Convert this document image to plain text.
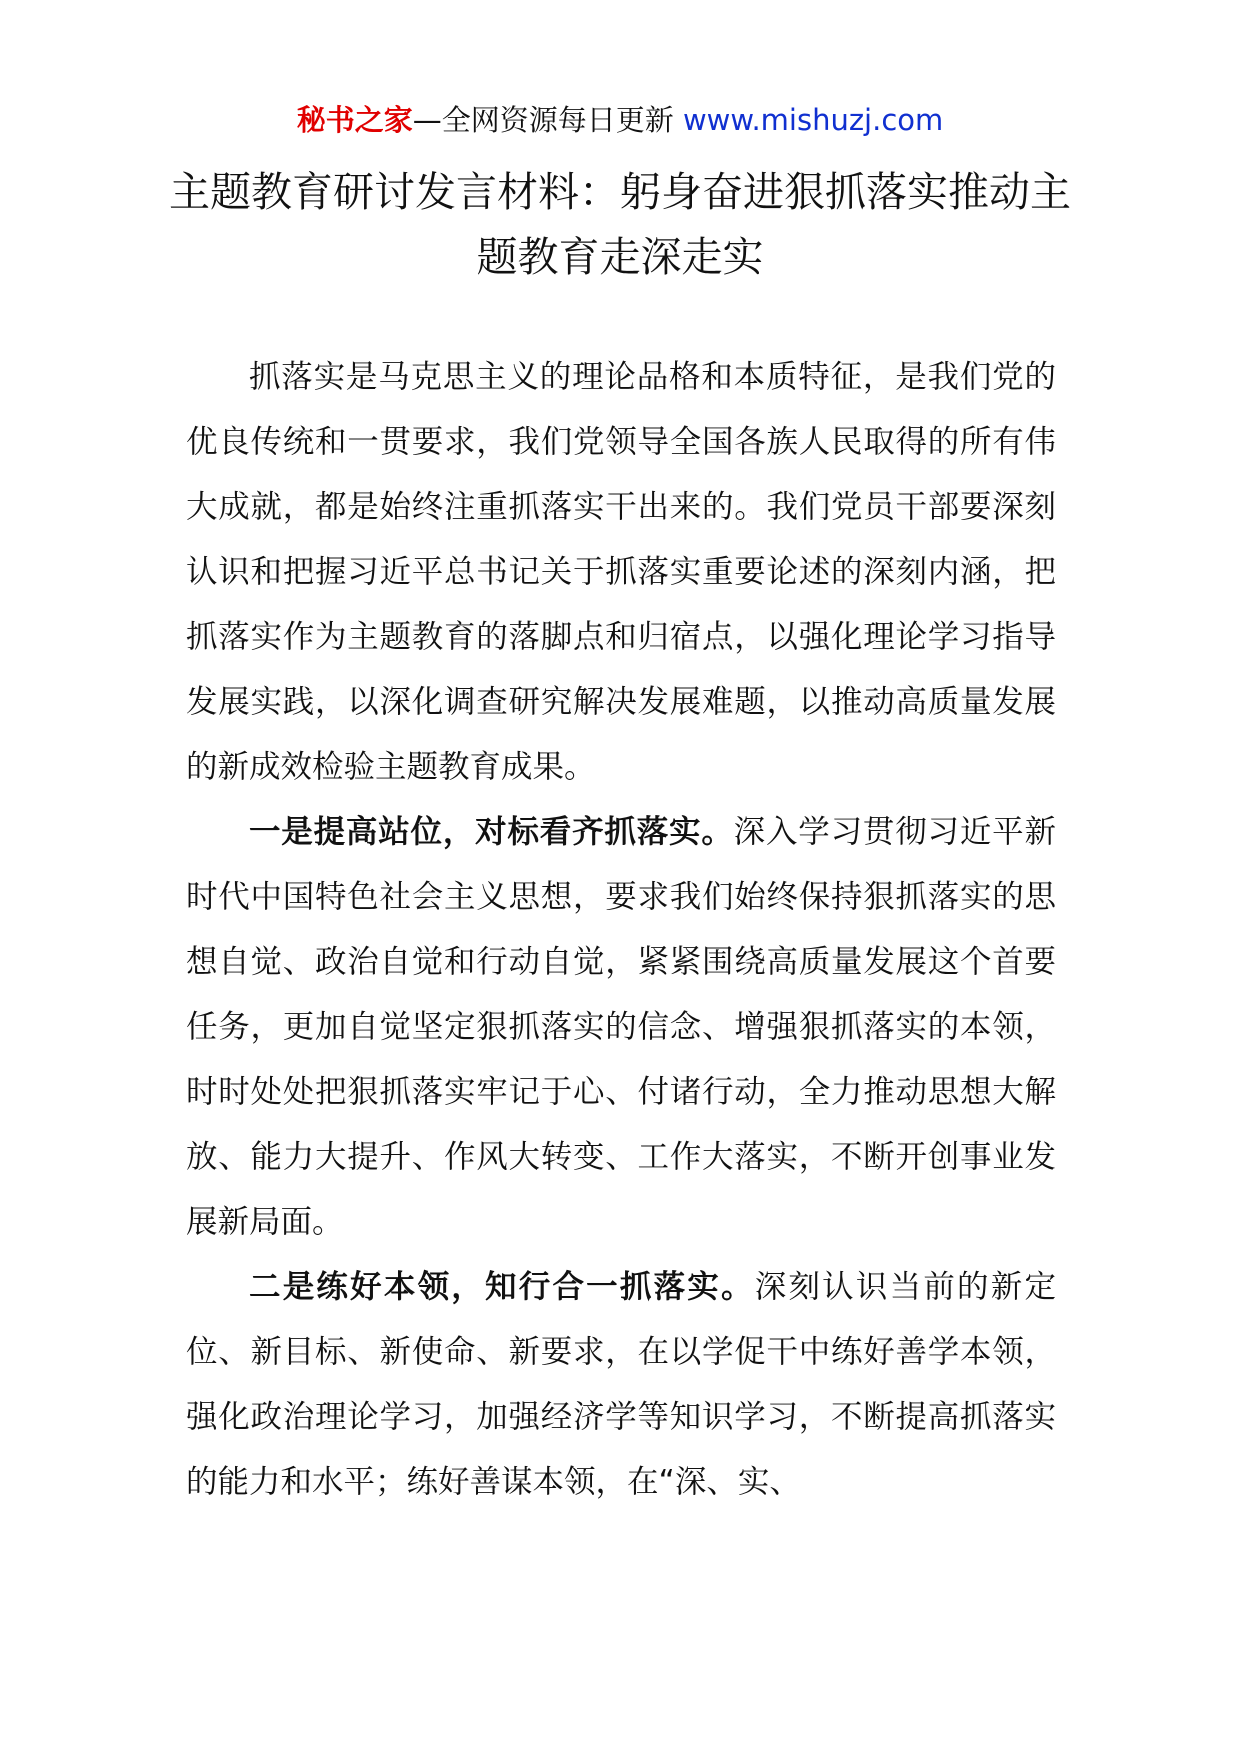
秘书之家—全网资源每日更新 www.mishuzj.com
主题教育研讨发言材料：躬身奋进狠抓落实推动主题教育走深走实

抓落实是马克思主义的理论品格和本质特征，是我们党的优良传统和一贯要求，我们党领导全国各族人民取得的所有伟大成就，都是始终注重抓落实干出来的。我们党员干部要深刻认识和把握习近平总书记关于抓落实重要论述的深刻内涵，把抓落实作为主题教育的落脚点和归宿点，以强化理论学习指导发展实践，以深化调查研究解决发展难题，以推动高质量发展的新成效检验主题教育成果。

一是提高站位，对标看齐抓落实。深入学习贯彻习近平新时代中国特色社会主义思想，要求我们始终保持狠抓落实的思想自觉、政治自觉和行动自觉，紧紧围绕高质量发展这个首要任务，更加自觉坚定狠抓落实的信念、增强狠抓落实的本领，时时处处把狠抓落实牢记于心、付诸行动，全力推动思想大解放、能力大提升、作风大转变、工作大落实，不断开创事业发展新局面。

二是练好本领，知行合一抓落实。深刻认识当前的新定位、新目标、新使命、新要求，在以学促干中练好善学本领，强化政治理论学习，加强经济学等知识学习，不断提高抓落实的能力和水平；练好善谋本领，在“深、实、
